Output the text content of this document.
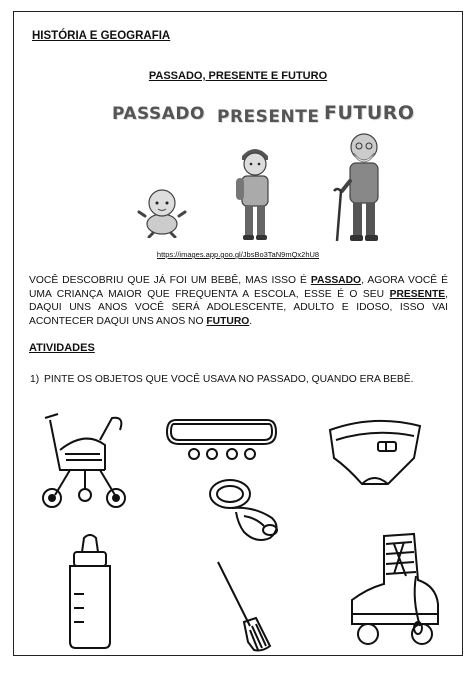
HISTÓRIA E GEOGRAFIA
PASSADO, PRESENTE E FUTURO
PASSADO PRESENTE FUTURO
https://images.app.goo.gl/JbsBo3TaN9mQx2hU8
VOCÊ DESCOBRIU QUE JÁ FOI UM BEBÊ, MAS ISSO É PASSADO, AGORA VOCÊ É UMA CRIANÇA MAIOR QUE FREQUENTA A ESCOLA, ESSE É O SEU PRESENTE, DAQUI UNS ANOS VOCÊ SERÁ ADOLESCENTE, ADULTO E IDOSO, ISSO VAI ACONTECER DAQUI UNS ANOS NO FUTURO.
ATIVIDADES
1) PINTE OS OBJETOS QUE VOCÊ USAVA NO PASSADO, QUANDO ERA BEBÊ.
